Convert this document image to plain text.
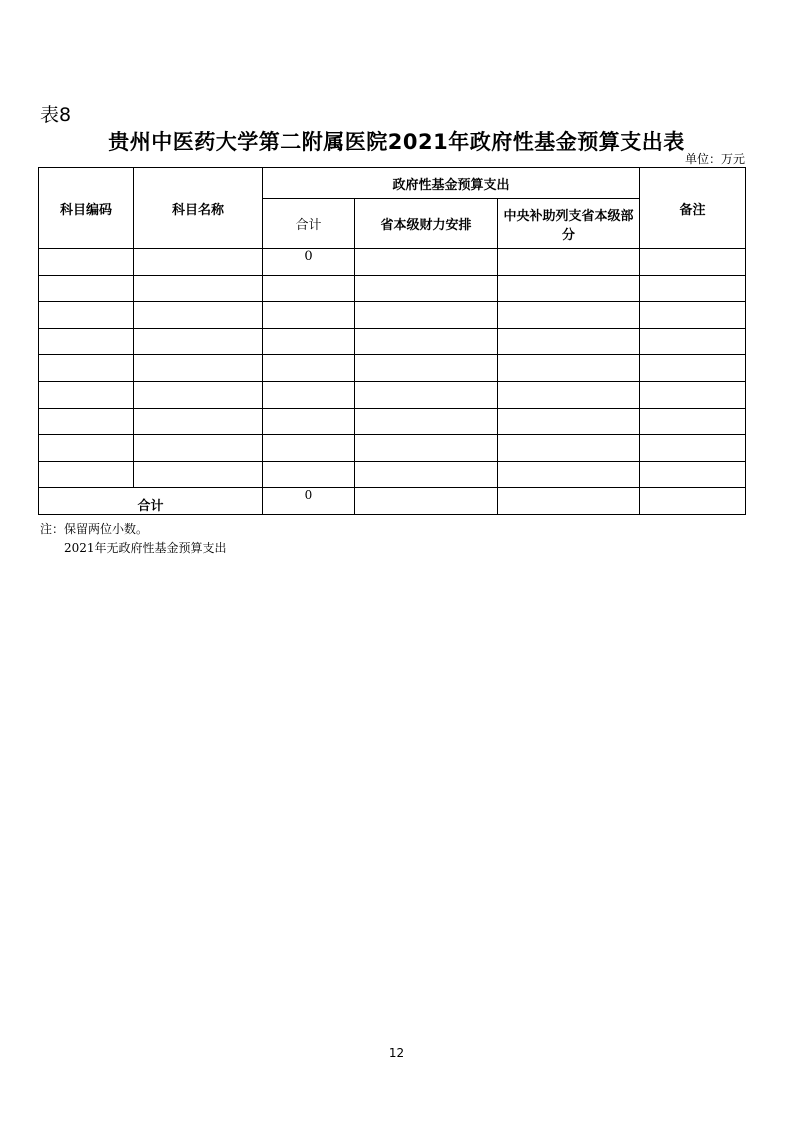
表8
贵州中医药大学第二附属医院2021年政府性基金预算支出表
单位：万元
科目编码	科目名称	政府性基金预算支出			备注
		合计	省本级财力安排	中央补助列支省本级部分	
		0			

合计		0			
注：保留两位小数。
2021年无政府性基金预算支出
12
